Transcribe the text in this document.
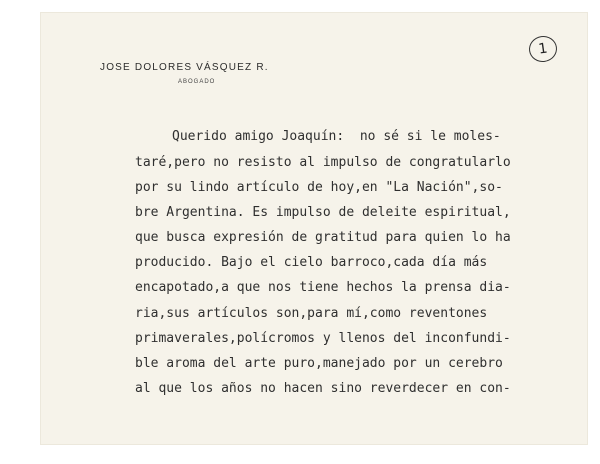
JOSE DOLORES VÁSQUEZ R.
ABOGADO
1
Querido amigo Joaquín:  no sé si le moles-
taré,pero no resisto al impulso de congratularlo
por su lindo artículo de hoy,en "La Nación",so-
bre Argentina. Es impulso de deleite espiritual,
que busca expresión de gratitud para quien lo ha
producido. Bajo el cielo barroco,cada día más
encapotado,a que nos tiene hechos la prensa dia-
ria,sus artículos son,para mí,como reventones
primaverales,polícromos y llenos del inconfundi-
ble aroma del arte puro,manejado por un cerebro
al que los años no hacen sino reverdecer en con-
